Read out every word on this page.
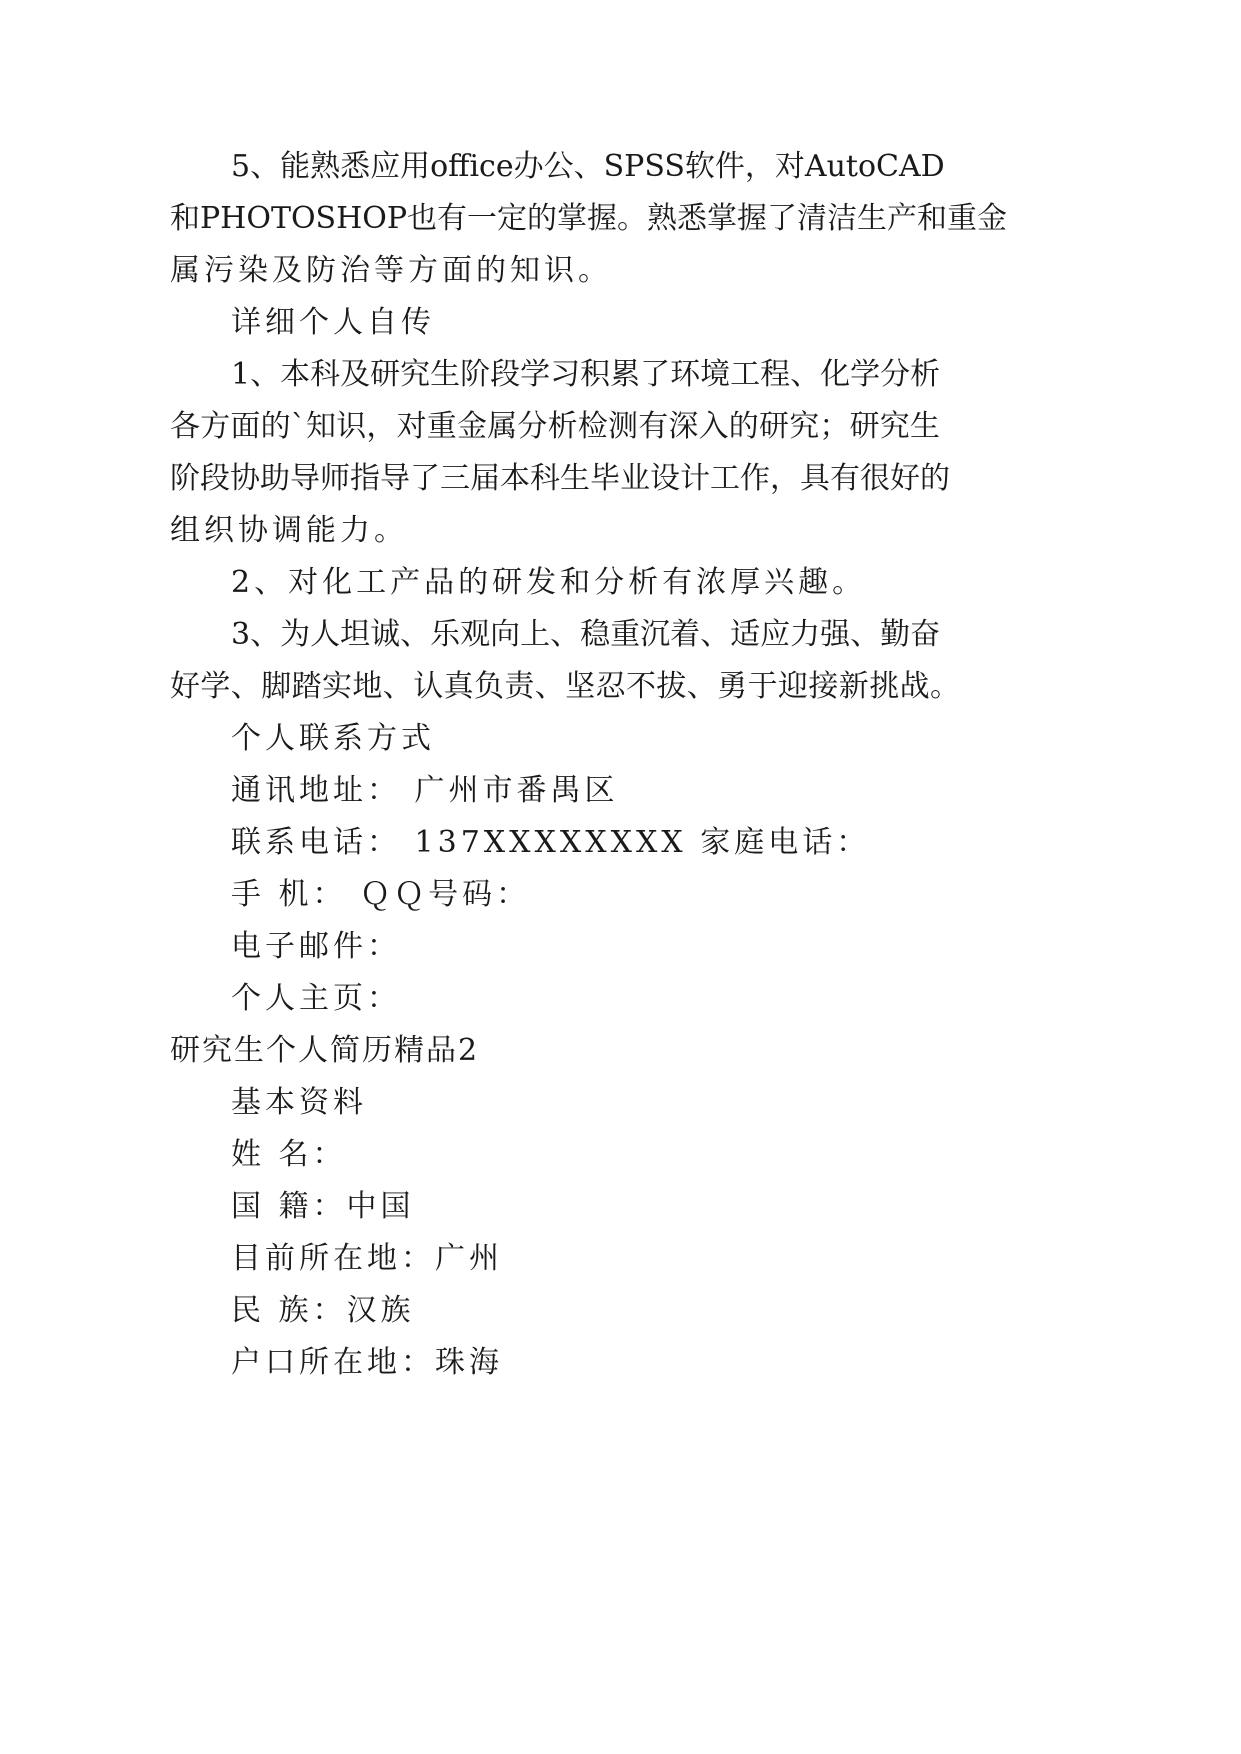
5、能熟悉应用office办公、SPSS软件，对AutoCAD

和PHOTOSHOP也有一定的掌握。熟悉掌握了清洁生产和重金

属污染及防治等方面的知识。

详细个人自传

1、本科及研究生阶段学习积累了环境工程、化学分析

各方面的`知识，对重金属分析检测有深入的研究；研究生

阶段协助导师指导了三届本科生毕业设计工作，具有很好的

组织协调能力。

2、对化工产品的研发和分析有浓厚兴趣。

3、为人坦诚、乐观向上、稳重沉着、适应力强、勤奋

好学、脚踏实地、认真负责、坚忍不拔、勇于迎接新挑战。

个人联系方式

通讯地址： 广州市番禺区

联系电话： 137XXXXXXXX 家庭电话：

手 机： ＱＱ号码：

电子邮件：

个人主页：

研究生个人简历精品2

基本资料

姓 名：

国 籍：中国

目前所在地：广州

民 族：汉族

户口所在地：珠海
